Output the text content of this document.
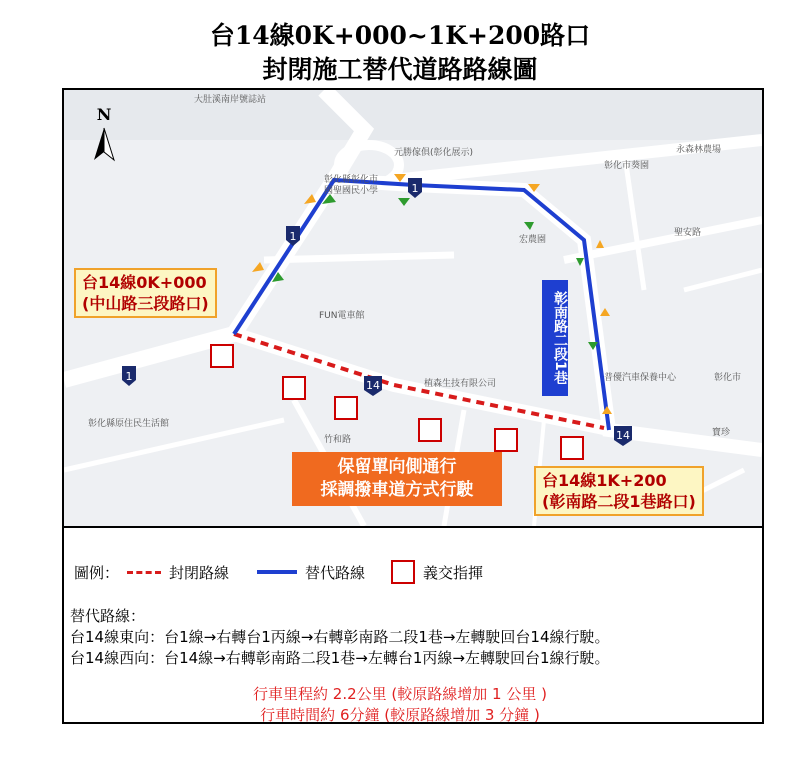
台14線0K+000~1K+200路口
封閉施工替代道路路線圖
1
1
1
14
14
N
大肚溪南岸號誌站
彰化縣彰化市
國聖國民小學
元勝傢俱(彰化展示)	永森林農場
彰化市葵園
聖安路
FUN電車館
植森生技有限公司
彰化縣原住民生活館
竹和路
宏農園
普優汽車保養中心	彰化市
寶珍
彰南路二段1巷
台14線0K+000
(中山路三段路口)
台14線1K+200
(彰南路二段1巷路口)
保留單向側通行
採調撥車道方式行駛
圖例：	封閉路線	替代路線	義交指揮
替代路線：
台14線東向：台1線→右轉台1丙線→右轉彰南路二段1巷→左轉駛回台14線行駛。
台14線西向：台14線→右轉彰南路二段1巷→左轉台1丙線→左轉駛回台1線行駛。
行車里程約 2.2公里 (較原路線增加 1 公里 )
行車時間約 6分鐘 (較原路線增加 3 分鐘 )
